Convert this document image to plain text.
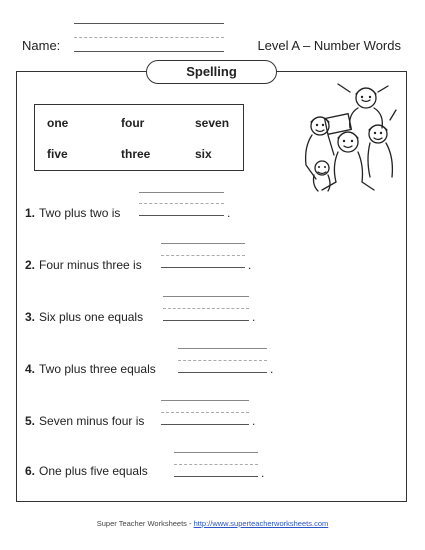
Name:	Level A – Number Words
Spelling
one	four	seven
five	three	six
1. Two plus two is	.
2. Four minus three is	.
3. Six plus one equals	.
4. Two plus three equals	.
5. Seven minus four is	.
6. One plus five equals	.
Super Teacher Worksheets - http://www.superteacherworksheets.com
